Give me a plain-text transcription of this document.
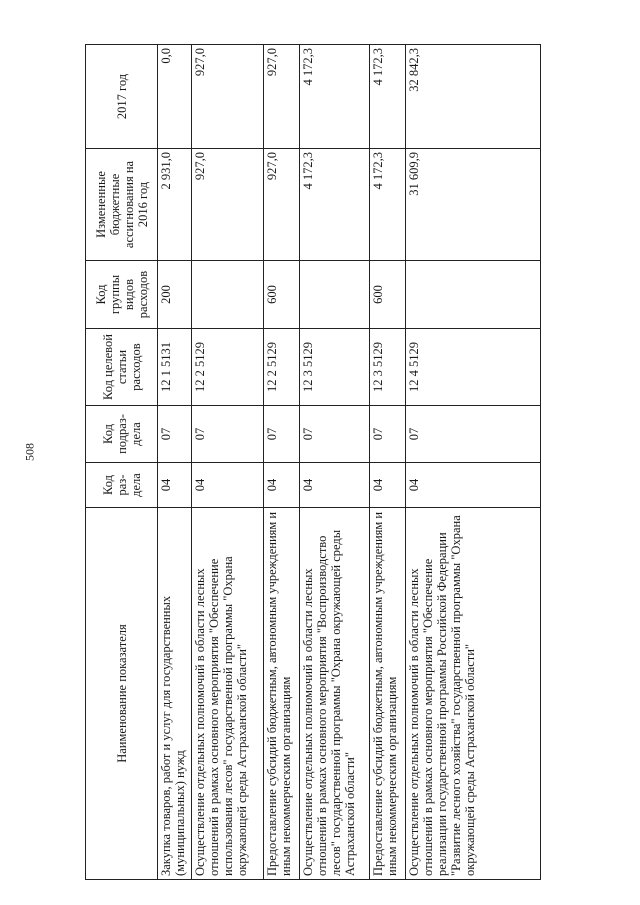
508
Наименование показателя	Код раз-дела	Код подраз-дела	Код целевой статьи расходов	Код группы видов расходов	Измененные бюджетные ассигнования на 2016 год	2017 год
Закупка товаров, работ и услуг для государственных (муниципальных) нужд	04	07	12 1 5131	200	2 931,0	0,0
Осуществление отдельных полномочий в области лесных отношений в рамках основного мероприятия "Обеспечение использования лесов" государственной программы "Охрана окружающей среды Астраханской области"	04	07	12 2 5129		927,0	927,0
Предоставление субсидий бюджетным, автономным учреждениям и иным некоммерческим организациям	04	07	12 2 5129	600	927,0	927,0
Осуществление отдельных полномочий в области лесных отношений в рамках основного мероприятия "Воспроизводство лесов" государственной программы "Охрана окружающей среды Астраханской области"	04	07	12 3 5129		4 172,3	4 172,3
Предоставление субсидий бюджетным, автономным учреждениям и иным некоммерческим организациям	04	07	12 3 5129	600	4 172,3	4 172,3
Осуществление отдельных полномочий в области лесных отношений в рамках основного мероприятия "Обеспечение реализации государственной программы Российской Федерации "Развитие лесного хозяйства" государственной программы "Охрана окружающей среды Астраханской области"	04	07	12 4 5129		31 609,9	32 842,3
